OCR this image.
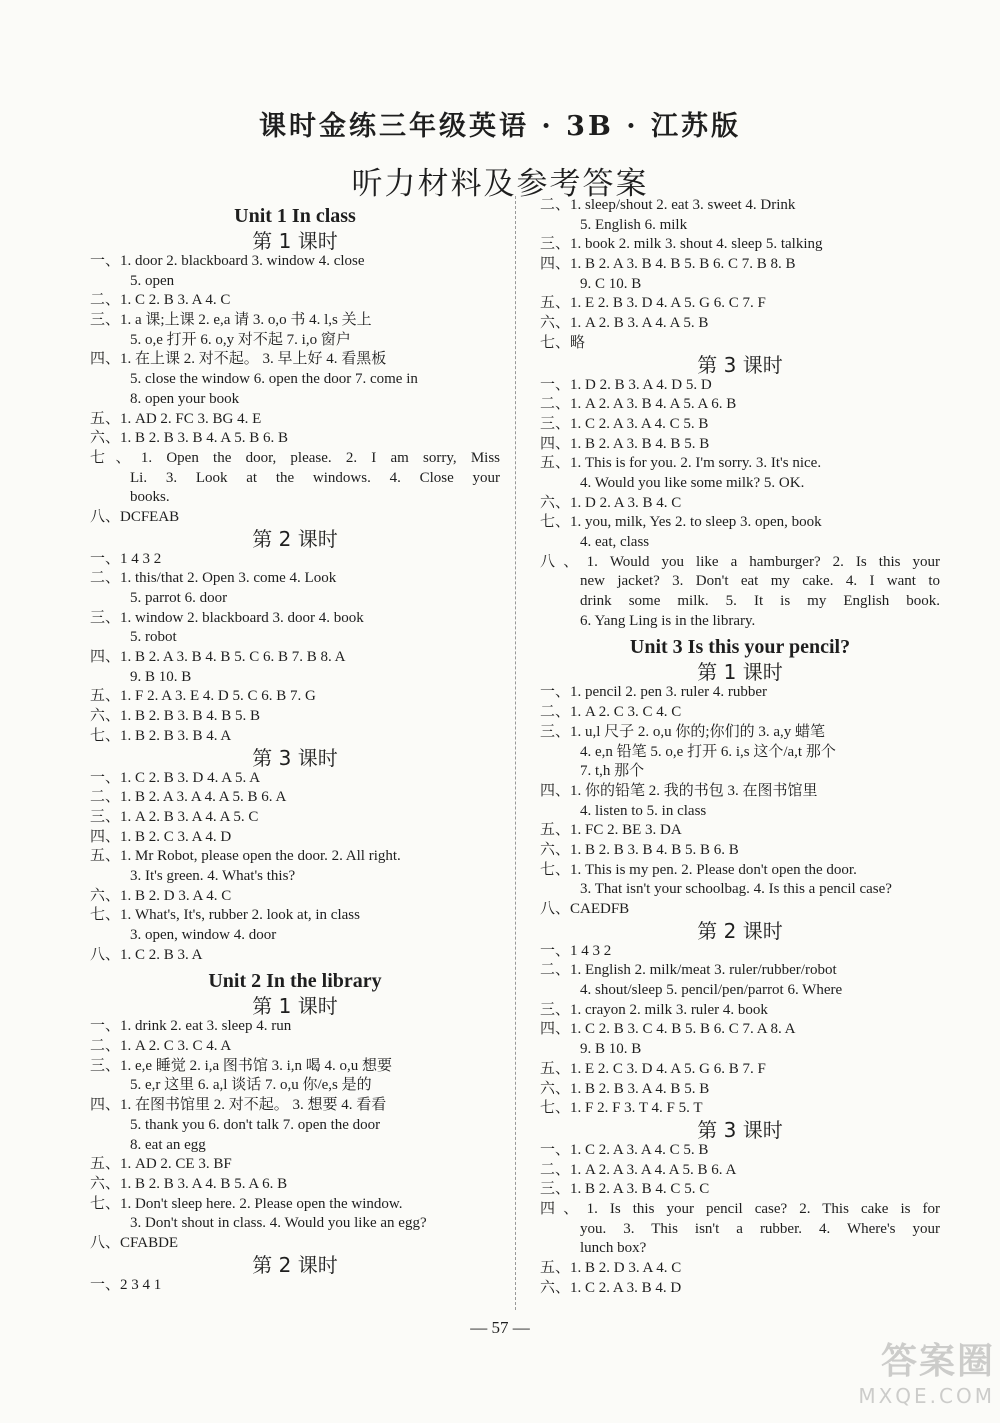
课时金练三年级英语 · 3B · 江苏版
听力材料及参考答案
Unit 1 In class
第 1 课时
一、1. door 2. blackboard 3. window 4. close
5. open
二、1. C 2. B 3. A 4. C
三、1. a 课;上课 2. e,a 请 3. o,o 书 4. l,s 关上
5. o,e 打开 6. o,y 对不起 7. i,o 窗户
四、1. 在上课 2. 对不起。 3. 早上好 4. 看黑板
5. close the window 6. open the door 7. come in
8. open your book
五、1. AD 2. FC 3. BG 4. E
六、1. B 2. B 3. B 4. A 5. B 6. B
七、1. Open the door, please. 2. I am sorry, Miss
Li. 3. Look at the windows. 4. Close your
books.
八、DCFEAB
第 2 课时
一、1 4 3 2
二、1. this/that 2. Open 3. come 4. Look
5. parrot 6. door
三、1. window 2. blackboard 3. door 4. book
5. robot
四、1. B 2. A 3. B 4. B 5. C 6. B 7. B 8. A
9. B 10. B
五、1. F 2. A 3. E 4. D 5. C 6. B 7. G
六、1. B 2. B 3. B 4. B 5. B
七、1. B 2. B 3. B 4. A
第 3 课时
一、1. C 2. B 3. D 4. A 5. A
二、1. B 2. A 3. A 4. A 5. B 6. A
三、1. A 2. B 3. A 4. A 5. C
四、1. B 2. C 3. A 4. D
五、1. Mr Robot, please open the door. 2. All right.
3. It's green. 4. What's this?
六、1. B 2. D 3. A 4. C
七、1. What's, It's, rubber 2. look at, in class
3. open, window 4. door
八、1. C 2. B 3. A
Unit 2 In the library
第 1 课时
一、1. drink 2. eat 3. sleep 4. run
二、1. A 2. C 3. C 4. A
三、1. e,e 睡觉 2. i,a 图书馆 3. i,n 喝 4. o,u 想要
5. e,r 这里 6. a,l 谈话 7. o,u 你/e,s 是的
四、1. 在图书馆里 2. 对不起。 3. 想要 4. 看看
5. thank you 6. don't talk 7. open the door
8. eat an egg
五、1. AD 2. CE 3. BF
六、1. B 2. B 3. A 4. B 5. A 6. B
七、1. Don't sleep here. 2. Please open the window.
3. Don't shout in class. 4. Would you like an egg?
八、CFABDE
第 2 课时
一、2 3 4 1
二、1. sleep/shout 2. eat 3. sweet 4. Drink
5. English 6. milk
三、1. book 2. milk 3. shout 4. sleep 5. talking
四、1. B 2. A 3. B 4. B 5. B 6. C 7. B 8. B
9. C 10. B
五、1. E 2. B 3. D 4. A 5. G 6. C 7. F
六、1. A 2. B 3. A 4. A 5. B
七、略
第 3 课时
一、1. D 2. B 3. A 4. D 5. D
二、1. A 2. A 3. B 4. A 5. A 6. B
三、1. C 2. A 3. A 4. C 5. B
四、1. B 2. A 3. B 4. B 5. B
五、1. This is for you. 2. I'm sorry. 3. It's nice.
4. Would you like some milk? 5. OK.
六、1. D 2. A 3. B 4. C
七、1. you, milk, Yes 2. to sleep 3. open, book
4. eat, class
八、1. Would you like a hamburger? 2. Is this your
new jacket? 3. Don't eat my cake. 4. I want to
drink some milk. 5. It is my English book.
6. Yang Ling is in the library.
Unit 3 Is this your pencil?
第 1 课时
一、1. pencil 2. pen 3. ruler 4. rubber
二、1. A 2. C 3. C 4. C
三、1. u,l 尺子 2. o,u 你的;你们的 3. a,y 蜡笔
4. e,n 铅笔 5. o,e 打开 6. i,s 这个/a,t 那个
7. t,h 那个
四、1. 你的铅笔 2. 我的书包 3. 在图书馆里
4. listen to 5. in class
五、1. FC 2. BE 3. DA
六、1. B 2. B 3. B 4. B 5. B 6. B
七、1. This is my pen. 2. Please don't open the door.
3. That isn't your schoolbag. 4. Is this a pencil case?
八、CAEDFB
第 2 课时
一、1 4 3 2
二、1. English 2. milk/meat 3. ruler/rubber/robot
4. shout/sleep 5. pencil/pen/parrot 6. Where
三、1. crayon 2. milk 3. ruler 4. book
四、1. C 2. B 3. C 4. B 5. B 6. C 7. A 8. A
9. B 10. B
五、1. E 2. C 3. D 4. A 5. G 6. B 7. F
六、1. B 2. B 3. A 4. B 5. B
七、1. F 2. F 3. T 4. F 5. T
第 3 课时
一、1. C 2. A 3. A 4. C 5. B
二、1. A 2. A 3. A 4. A 5. B 6. A
三、1. B 2. A 3. B 4. C 5. C
四、1. Is this your pencil case? 2. This cake is for
you. 3. This isn't a rubber. 4. Where's your
lunch box?
五、1. B 2. D 3. A 4. C
六、1. C 2. A 3. B 4. D
— 57 —
答案圈
MXQE.COM
